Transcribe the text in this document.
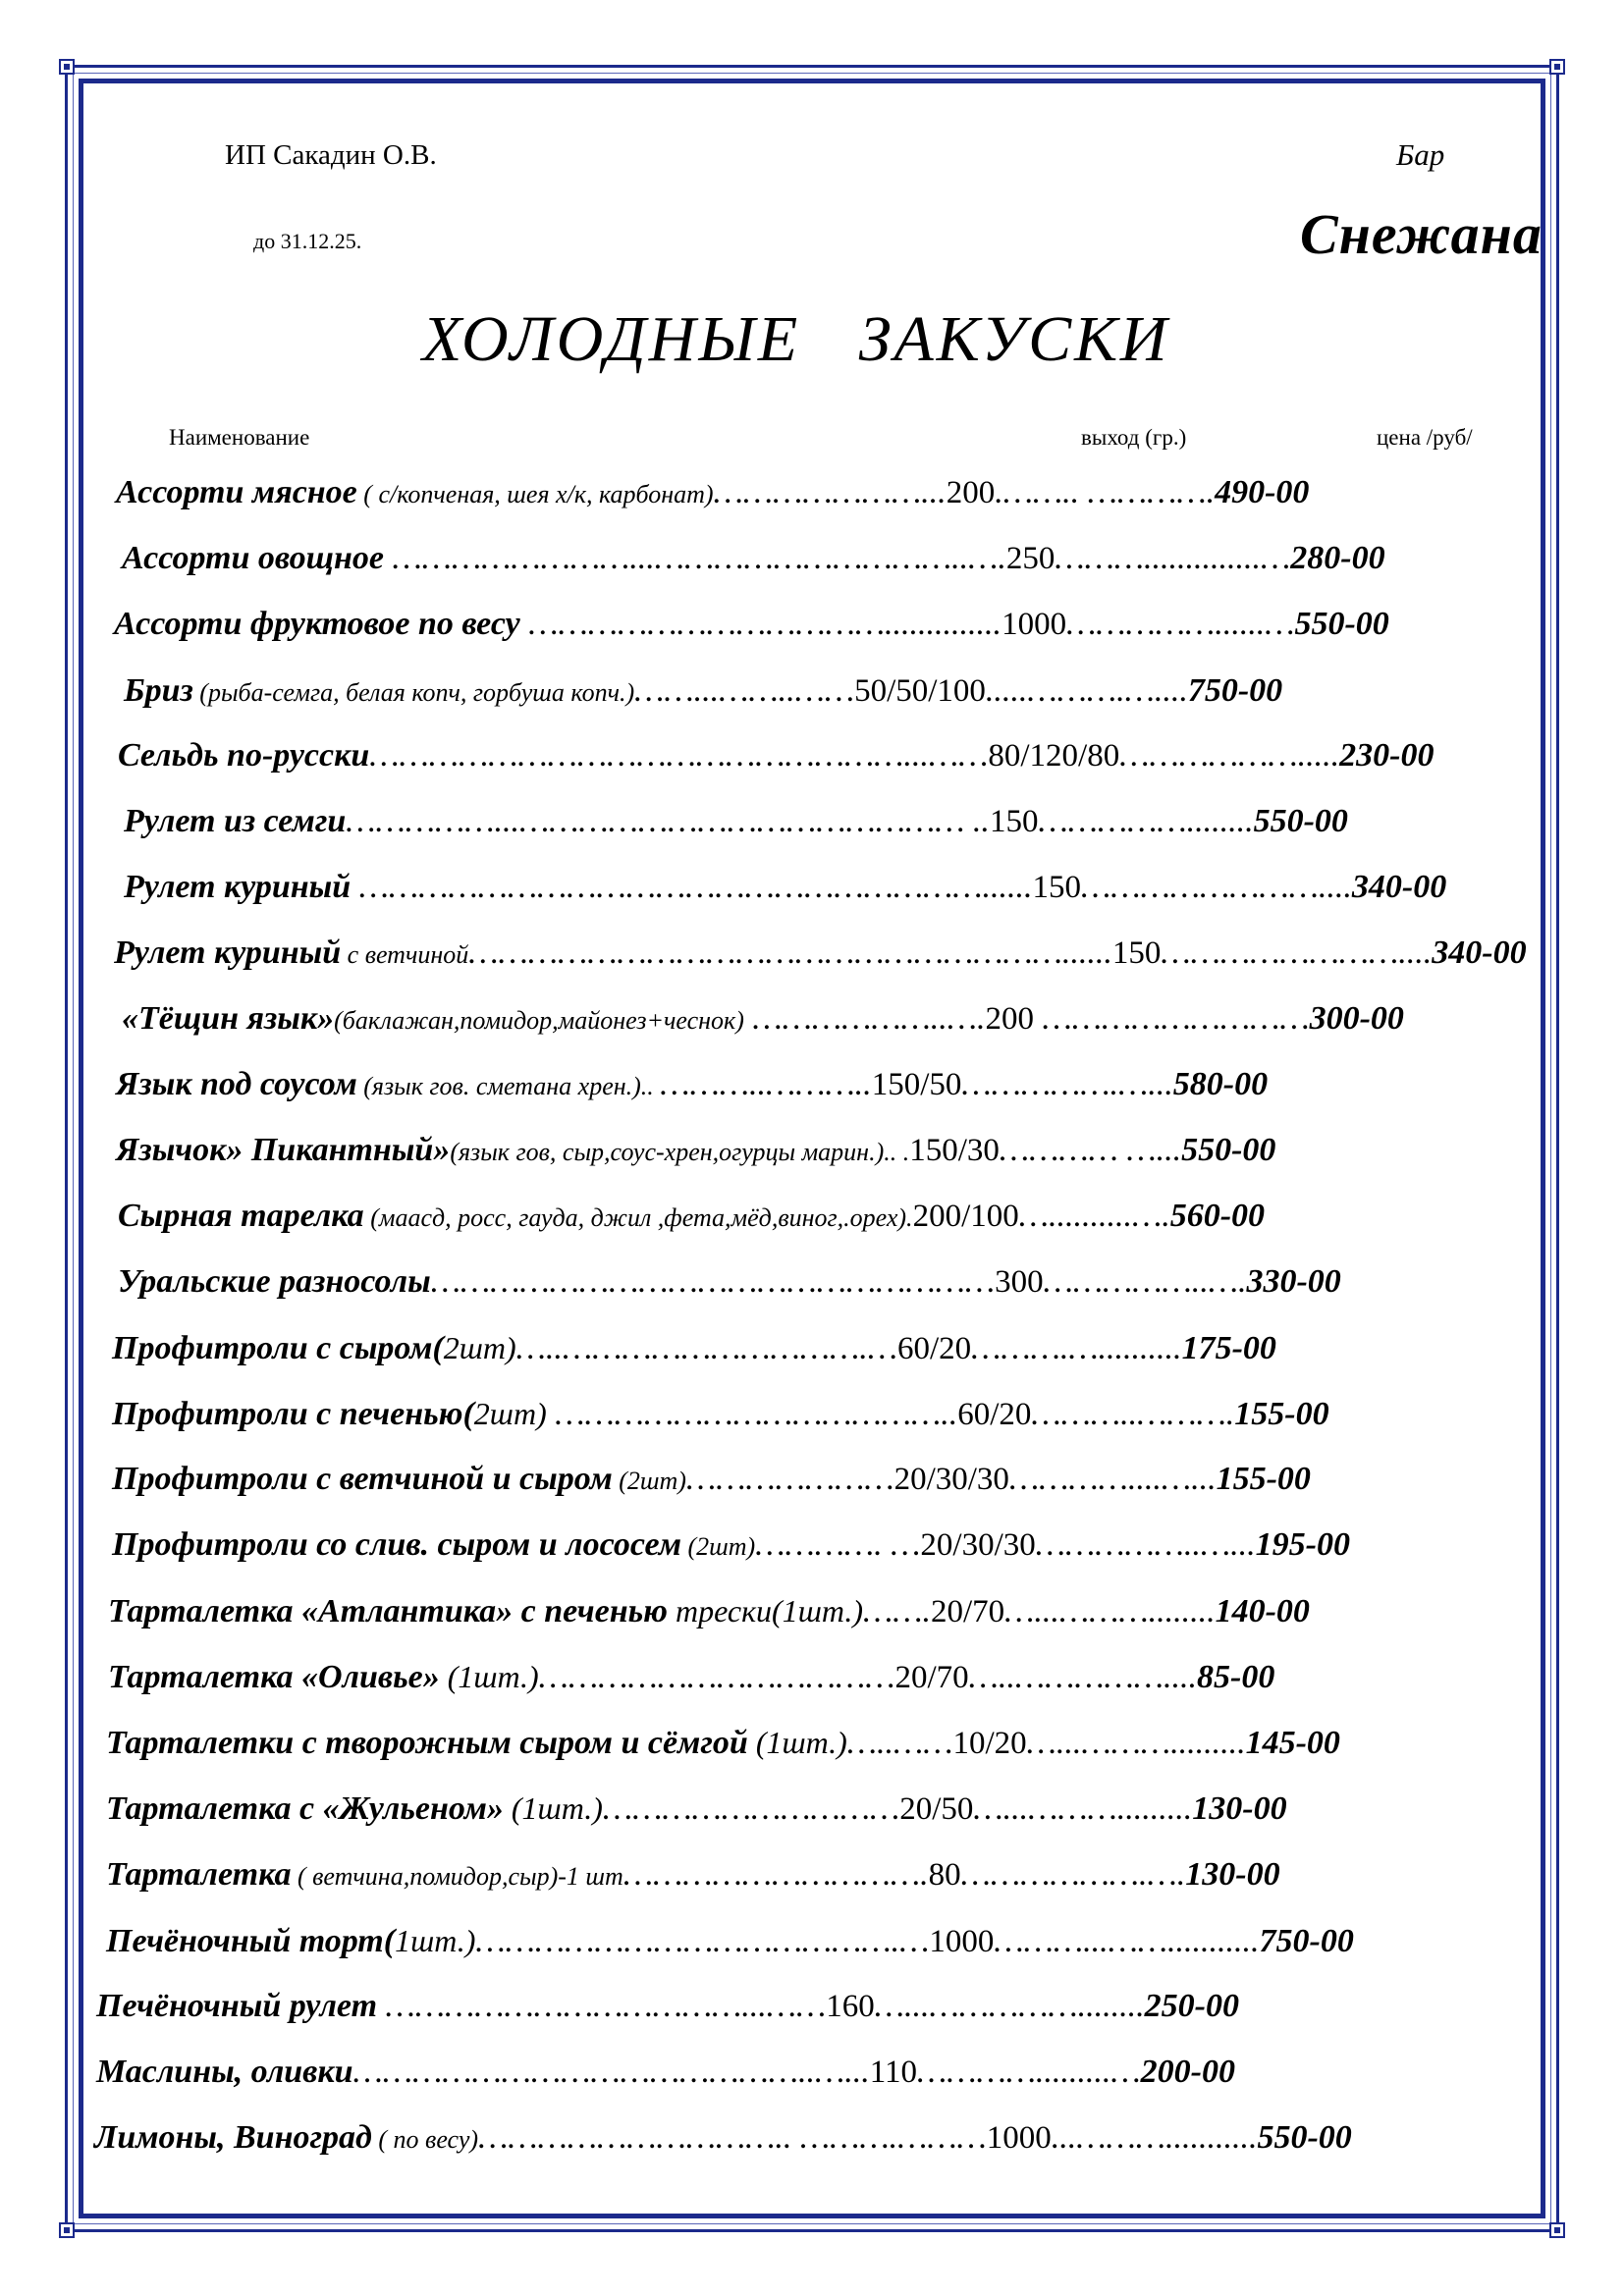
ИП Сакадин О.В.
до 31.12.25.
Бар
Снежана
ХОЛОДНЫЕ ЗАКУСКИ
Наименование	выход (гр.)	цена /руб/
Ассорти мясное ( с/копченая, шея х/к, карбонат)…………………...200.…….. ………….490-00
Ассорти овощное ……………………...…………………………..….250………..............…280-00
Ассорти фруктовое по весу ………………………………..............1000……………......…550-00
Бриз (рыба-семга, белая копч, горбуша копч.)……...……..……50/50/100.....……….…....750-00
Сельдь по-русски………………………………………………...……80/120/80……………….....230-00
Рулет из семги……………...……………………………………… ..150……………........550-00
Рулет куриный ………………………………………………………......150……………………....340-00
Рулет куриный с ветчиной……………………………………………………......150……………………....340-00
«Тёщин язык»(баклажан,помидор,майонез+чеснок) ………………..….200 ………………………300-00
Язык под соусом (язык гов. сметана хрен.).. ………..………..150/50…………….…...580-00
Язычок» Пикантный»(язык гов, сыр,соус-хрен,огурцы марин.).. .150/30………… …...550-00
Сырная тарелка (маасд, росс, гауда, джил ,фета,мёд,виног,.орех).200/100…..........….560-00
Уральские разносолы…………………………………………………300……………..….330-00
Профитроли с сыром(2шт)…..………………………….…60/20……….…..........175-00
Профитроли с печенью(2шт) …………………………………..60/20………..……….155-00
Профитроли с ветчиной и сыром (2шт)…………………20/30/30…………....…...155-00
Профитроли со слив. сыром и лососем (2шт)…………. …20/30/30……………..…...195-00
Тарталетка «Атлантика» с печенью трески(1шт.)…….20/70…...………........140-00
Тарталетка «Оливье» (1шт.)………………………………20/70…..……………....85-00
Тарталетки с творожным сыром и сёмгой (1шт.)…..……10/20…...……….........145-00
Тарталетка с «Жульеном» (1шт.)…………………………20/50…...……….........130-00
Тарталетка ( ветчина,помидор,сыр)-1 шт………………………….80……………….….130-00
Печёночный торт(1шт.)…………………………………….…1000………...……...........750-00
Печёночный рулет ………………………………...……160…...……………........250-00
Маслины, оливки………………………………………..…...110………….........…200-00
Лимоны, Виноград ( по весу)………………………….. ……….………1000...………...........550-00
